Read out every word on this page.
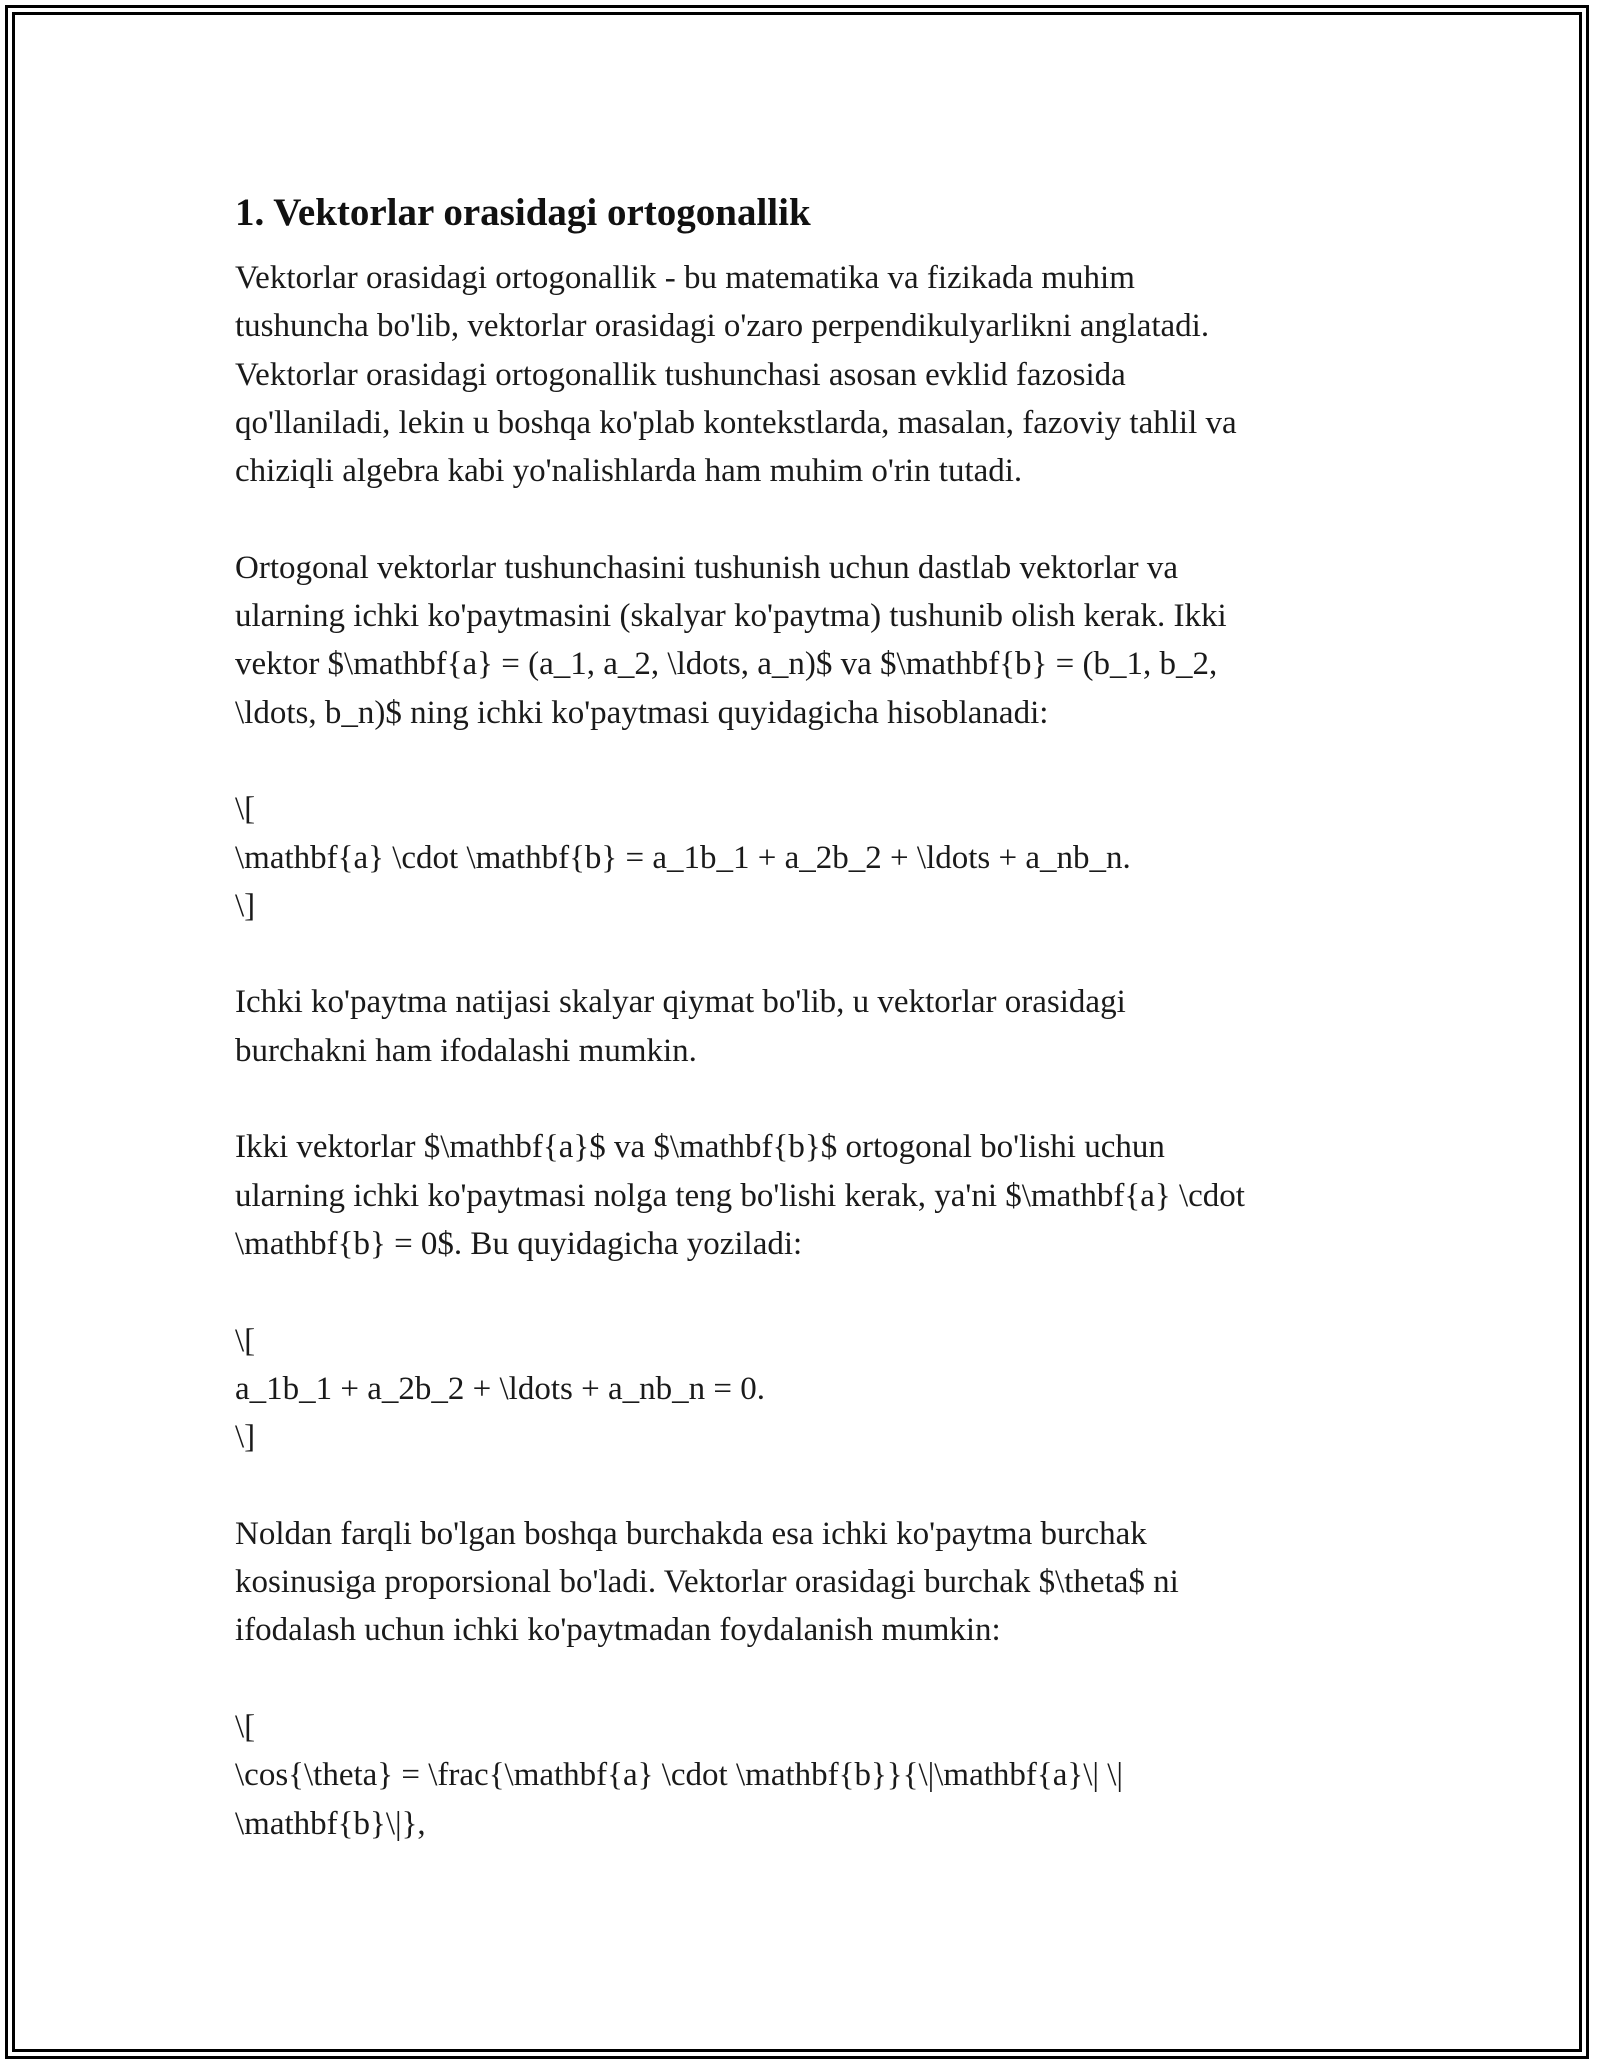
1. Vektorlar orasidagi ortogonallik

Vektorlar orasidagi ortogonallik - bu matematika va fizikada muhim
tushuncha bo'lib, vektorlar orasidagi o'zaro perpendikulyarlikni anglatadi.
Vektorlar orasidagi ortogonallik tushunchasi asosan evklid fazosida
qo'llaniladi, lekin u boshqa ko'plab kontekstlarda, masalan, fazoviy tahlil va
chiziqli algebra kabi yo'nalishlarda ham muhim o'rin tutadi.

Ortogonal vektorlar tushunchasini tushunish uchun dastlab vektorlar va
ularning ichki ko'paytmasini (skalyar ko'paytma) tushunib olish kerak. Ikki
vektor $\mathbf{a} = (a_1, a_2, \ldots, a_n)$ va $\mathbf{b} = (b_1, b_2,
\ldots, b_n)$ ning ichki ko'paytmasi quyidagicha hisoblanadi:

\[
\mathbf{a} \cdot \mathbf{b} = a_1b_1 + a_2b_2 + \ldots + a_nb_n.
\]

Ichki ko'paytma natijasi skalyar qiymat bo'lib, u vektorlar orasidagi
burchakni ham ifodalashi mumkin.

Ikki vektorlar $\mathbf{a}$ va $\mathbf{b}$ ortogonal bo'lishi uchun
ularning ichki ko'paytmasi nolga teng bo'lishi kerak, ya'ni $\mathbf{a} \cdot
\mathbf{b} = 0$. Bu quyidagicha yoziladi:

\[
a_1b_1 + a_2b_2 + \ldots + a_nb_n = 0.
\]

Noldan farqli bo'lgan boshqa burchakda esa ichki ko'paytma burchak
kosinusiga proporsional bo'ladi. Vektorlar orasidagi burchak $\theta$ ni
ifodalash uchun ichki ko'paytmadan foydalanish mumkin:

\[
\cos{\theta} = \frac{\mathbf{a} \cdot \mathbf{b}}{\|\mathbf{a}\| \|
\mathbf{b}\|},
